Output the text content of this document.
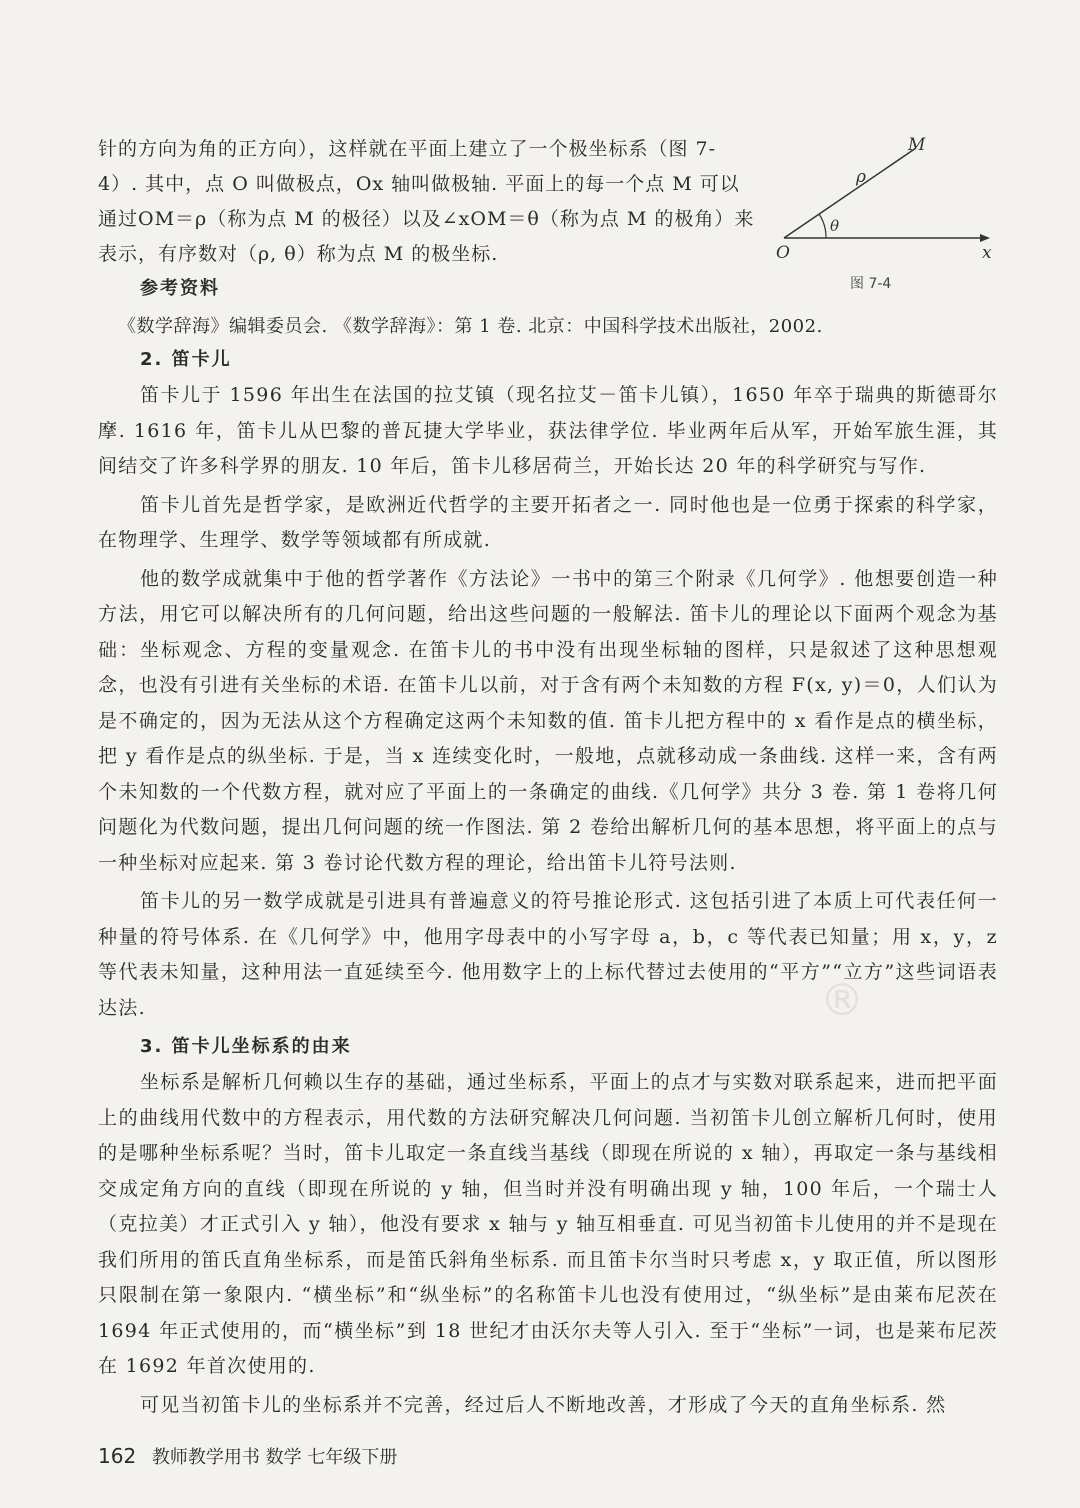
针的方向为角的正方向），这样就在平面上建立了一个极坐标系（图 7-

4）. 其中，点 O 叫做极点，Ox 轴叫做极轴. 平面上的每一个点 M 可以

通过OM＝ρ（称为点 M 的极径）以及∠xOM＝θ（称为点 M 的极角）来

表示，有序数对（ρ, θ）称为点 M 的极坐标.

M
ρ
θ
O	x
图 7-4
参考资料
《数学辞海》编辑委员会. 《数学辞海》：第 1 卷. 北京：中国科学技术出版社，2002.
2. 笛卡儿

笛卡儿于 1596 年出生在法国的拉艾镇（现名拉艾－笛卡儿镇），1650 年卒于瑞典的斯德哥尔摩. 1616 年，笛卡儿从巴黎的普瓦捷大学毕业，获法律学位. 毕业两年后从军，开始军旅生涯，其间结交了许多科学界的朋友. 10 年后，笛卡儿移居荷兰，开始长达 20 年的科学研究与写作.

笛卡儿首先是哲学家，是欧洲近代哲学的主要开拓者之一. 同时他也是一位勇于探索的科学家，在物理学、生理学、数学等领域都有所成就.

他的数学成就集中于他的哲学著作《方法论》一书中的第三个附录《几何学》. 他想要创造一种方法，用它可以解决所有的几何问题，给出这些问题的一般解法. 笛卡儿的理论以下面两个观念为基础：坐标观念、方程的变量观念. 在笛卡儿的书中没有出现坐标轴的图样，只是叙述了这种思想观念，也没有引进有关坐标的术语. 在笛卡儿以前，对于含有两个未知数的方程 F(x, y)＝0，人们认为是不确定的，因为无法从这个方程确定这两个未知数的值. 笛卡儿把方程中的 x 看作是点的横坐标，把 y 看作是点的纵坐标. 于是，当 x 连续变化时，一般地，点就移动成一条曲线. 这样一来，含有两个未知数的一个代数方程，就对应了平面上的一条确定的曲线.《几何学》共分 3 卷. 第 1 卷将几何问题化为代数问题，提出几何问题的统一作图法. 第 2 卷给出解析几何的基本思想，将平面上的点与一种坐标对应起来. 第 3 卷讨论代数方程的理论，给出笛卡儿符号法则.

笛卡儿的另一数学成就是引进具有普遍意义的符号推论形式. 这包括引进了本质上可代表任何一种量的符号体系. 在《几何学》中，他用字母表中的小写字母 a，b，c 等代表已知量；用 x，y，z 等代表未知量，这种用法一直延续至今. 他用数字上的上标代替过去使用的“平方”“立方”这些词语表达法.

3. 笛卡儿坐标系的由来

坐标系是解析几何赖以生存的基础，通过坐标系，平面上的点才与实数对联系起来，进而把平面上的曲线用代数中的方程表示，用代数的方法研究解决几何问题. 当初笛卡儿创立解析几何时，使用的是哪种坐标系呢？当时，笛卡儿取定一条直线当基线（即现在所说的 x 轴），再取定一条与基线相交成定角方向的直线（即现在所说的 y 轴，但当时并没有明确出现 y 轴，100 年后，一个瑞士人（克拉美）才正式引入 y 轴），他没有要求 x 轴与 y 轴互相垂直. 可见当初笛卡儿使用的并不是现在我们所用的笛氏直角坐标系，而是笛氏斜角坐标系. 而且笛卡尔当时只考虑 x，y 取正值，所以图形只限制在第一象限内. “横坐标”和“纵坐标”的名称笛卡儿也没有使用过，“纵坐标”是由莱布尼茨在 1694 年正式使用的，而“横坐标”到 18 世纪才由沃尔夫等人引入. 至于“坐标”一词，也是莱布尼茨在 1692 年首次使用的.

可见当初笛卡儿的坐标系并不完善，经过后人不断地改善，才形成了今天的直角坐标系. 然

®
162 教师教学用书 数学 七年级下册
